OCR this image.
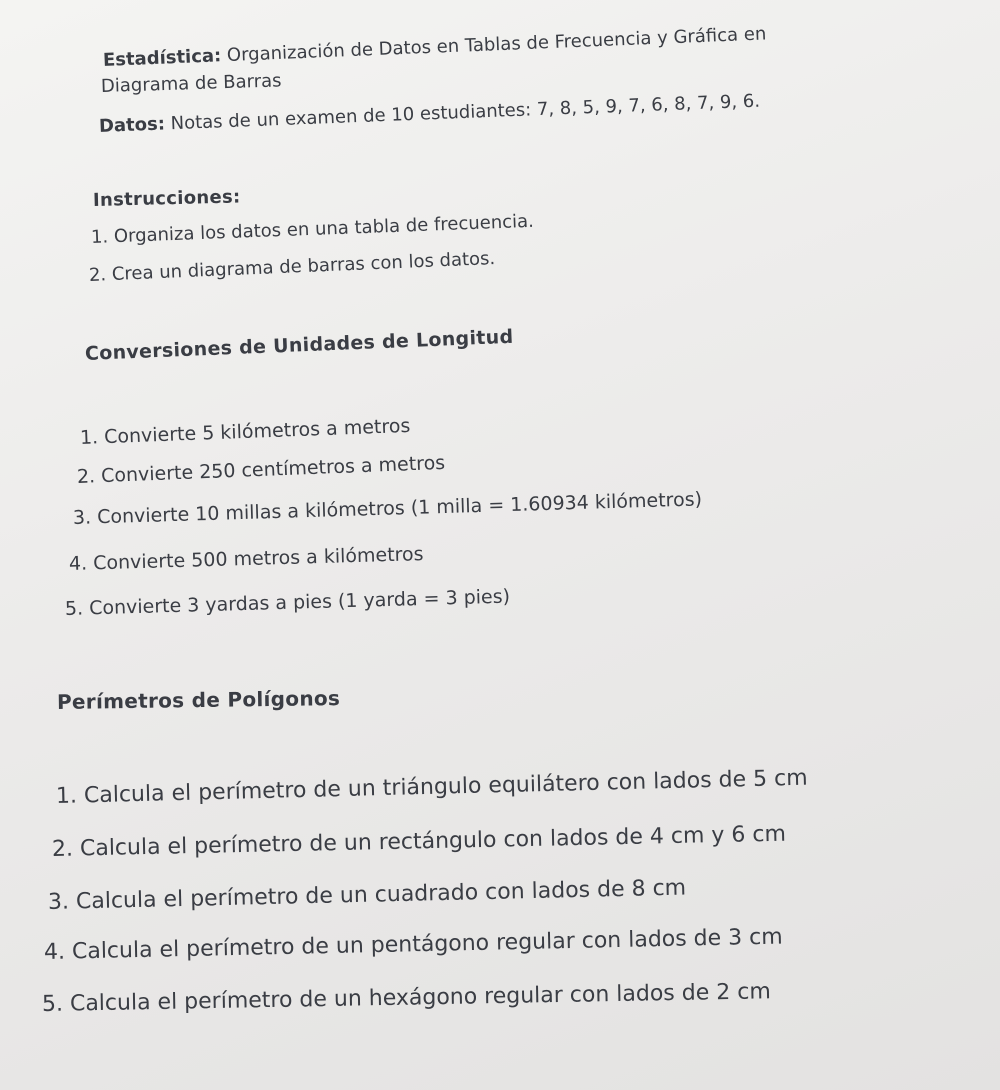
Estadística: Organización de Datos en Tablas de Frecuencia y Gráfica en
Diagrama de Barras
Datos: Notas de un examen de 10 estudiantes: 7, 8, 5, 9, 7, 6, 8, 7, 9, 6.
Instrucciones:
1. Organiza los datos en una tabla de frecuencia.
2. Crea un diagrama de barras con los datos.
Conversiones de Unidades de Longitud
1. Convierte 5 kilómetros a metros
2. Convierte 250 centímetros a metros
3. Convierte 10 millas a kilómetros (1 milla = 1.60934 kilómetros)
4. Convierte 500 metros a kilómetros
5. Convierte 3 yardas a pies (1 yarda = 3 pies)
Perímetros de Polígonos
1. Calcula el perímetro de un triángulo equilátero con lados de 5 cm
2. Calcula el perímetro de un rectángulo con lados de 4 cm y 6 cm
3. Calcula el perímetro de un cuadrado con lados de 8 cm
4. Calcula el perímetro de un pentágono regular con lados de 3 cm
5. Calcula el perímetro de un hexágono regular con lados de 2 cm
